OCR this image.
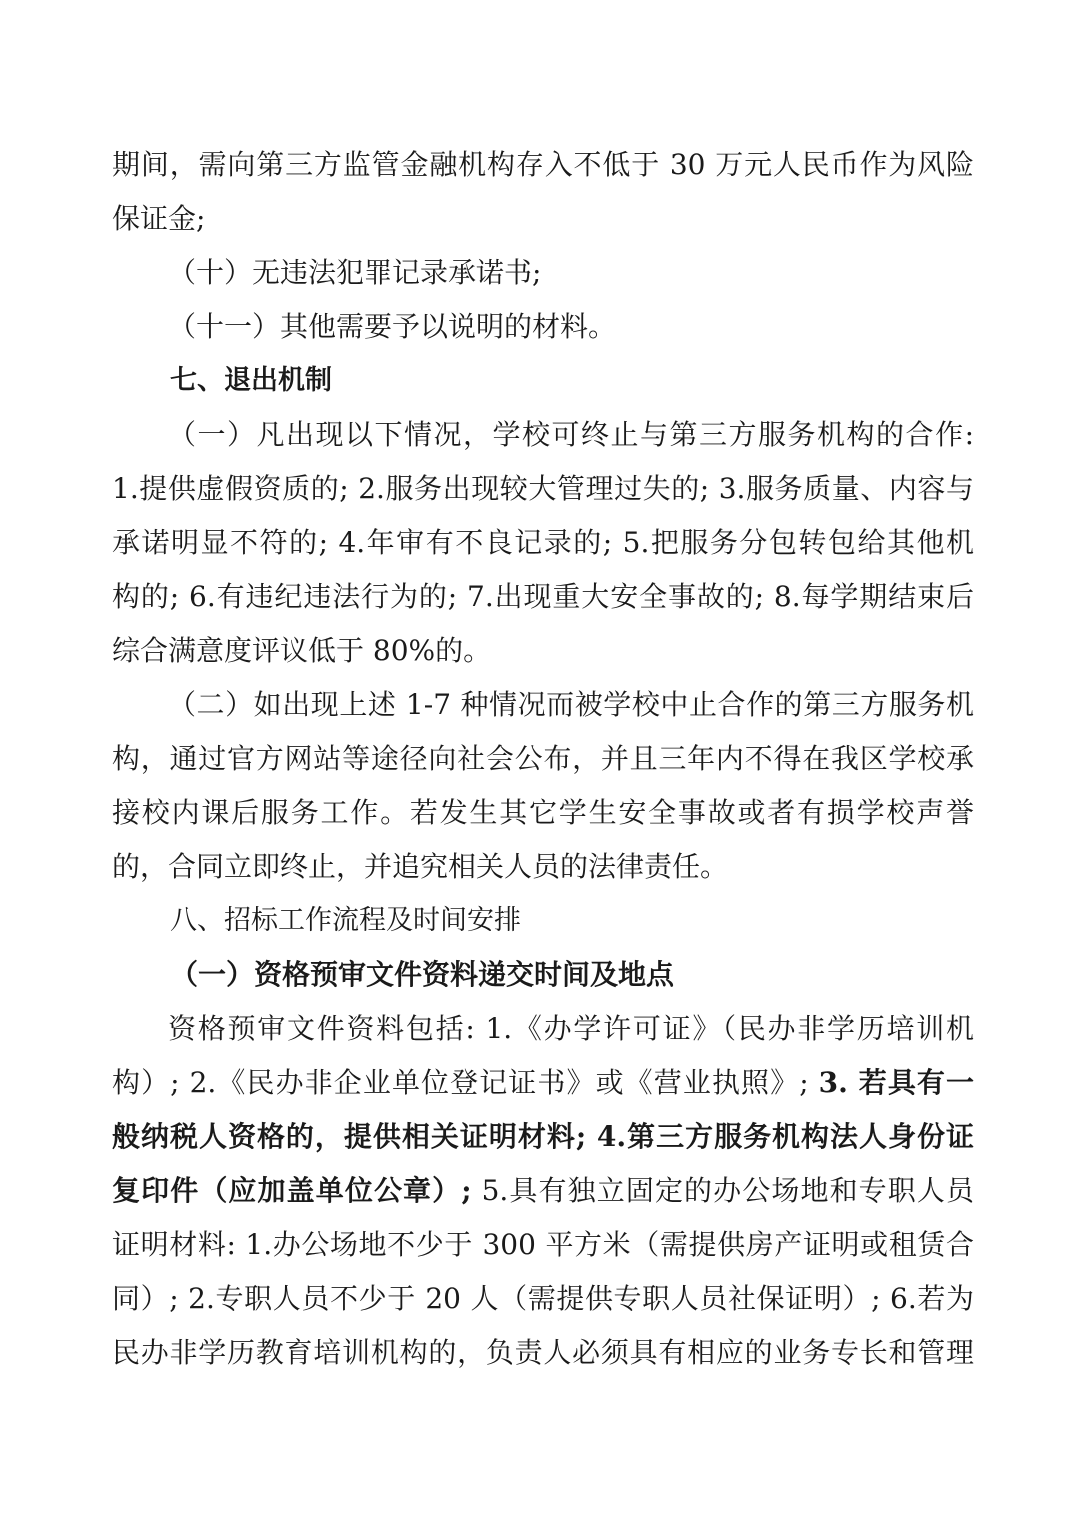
期间，需向第三方监管金融机构存入不低于 30 万元人民币作为风险
保证金;
（十）无违法犯罪记录承诺书;
（十一）其他需要予以说明的材料。
七、退出机制
（一）凡出现以下情况，学校可终止与第三方服务机构的合作:
1.提供虚假资质的; 2.服务出现较大管理过失的; 3.服务质量、内容与
承诺明显不符的; 4.年审有不良记录的; 5.把服务分包转包给其他机
构的; 6.有违纪违法行为的; 7.出现重大安全事故的; 8.每学期结束后
综合满意度评议低于 80%的。
（二）如出现上述 1-7 种情况而被学校中止合作的第三方服务机
构，通过官方网站等途径向社会公布，并且三年内不得在我区学校承
接校内课后服务工作。若发生其它学生安全事故或者有损学校声誉
的，合同立即终止，并追究相关人员的法律责任。
八、招标工作流程及时间安排
（一）资格预审文件资料递交时间及地点
资格预审文件资料包括: 1.《办学许可证》（民办非学历培训机
构）; 2.《民办非企业单位登记证书》或《营业执照》; 3. 若具有一
般纳税人资格的，提供相关证明材料; 4.第三方服务机构法人身份证
复印件（应加盖单位公章）; 5.具有独立固定的办公场地和专职人员
证明材料: 1.办公场地不少于 300 平方米（需提供房产证明或租赁合
同）; 2.专职人员不少于 20 人（需提供专职人员社保证明）; 6.若为
民办非学历教育培训机构的，负责人必须具有相应的业务专长和管理
